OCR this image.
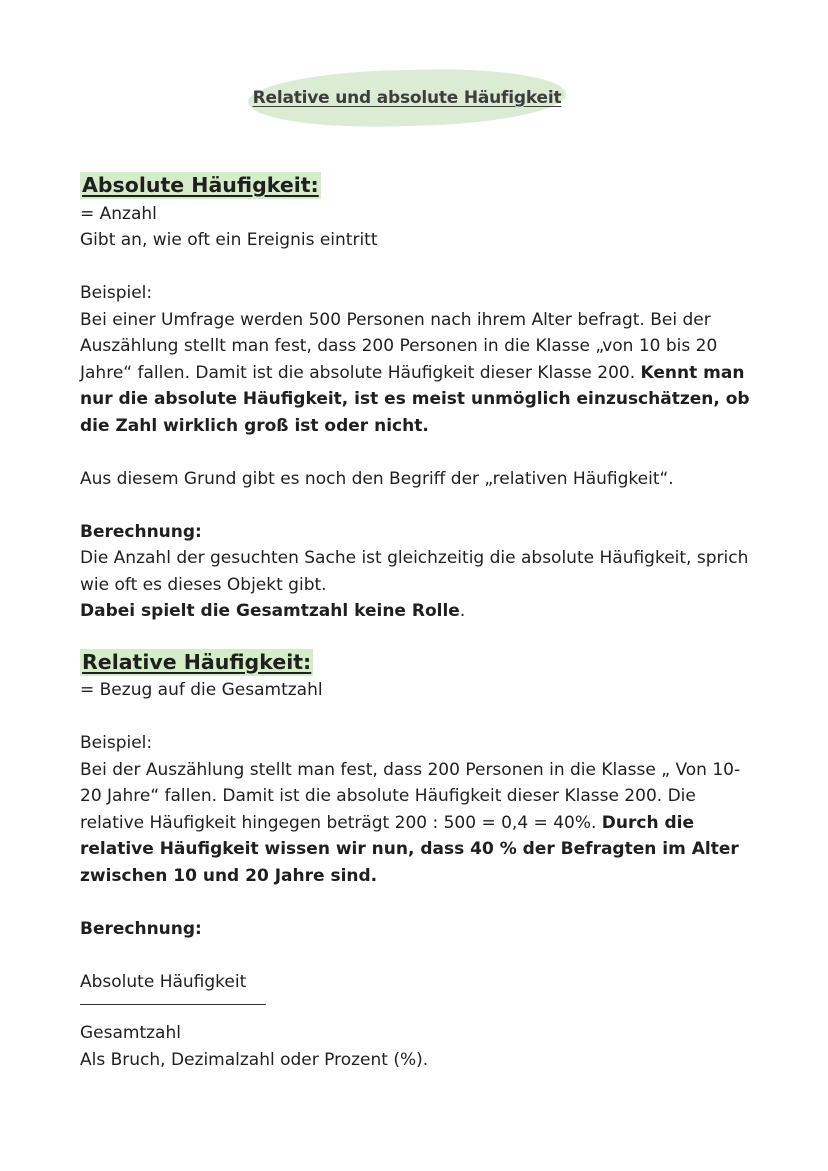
Relative und absolute Häufigkeit
Absolute Häufigkeit:

= Anzahl

Gibt an, wie oft ein Ereignis eintritt

Beispiel:

Bei einer Umfrage werden 500 Personen nach ihrem Alter befragt. Bei der Auszählung stellt man fest, dass 200 Personen in die Klasse „von 10 bis 20 Jahre“ fallen. Damit ist die absolute Häufigkeit dieser Klasse 200. Kennt man nur die absolute Häufigkeit, ist es meist unmöglich einzuschätzen, ob die Zahl wirklich groß ist oder nicht.

Aus diesem Grund gibt es noch den Begriff der „relativen Häufigkeit“.

Berechnung:

Die Anzahl der gesuchten Sache ist gleichzeitig die absolute Häufigkeit, sprich wie oft es dieses Objekt gibt.

Dabei spielt die Gesamtzahl keine Rolle.

Relative Häufigkeit:

= Bezug auf die Gesamtzahl

Beispiel:

Bei der Auszählung stellt man fest, dass 200 Personen in die Klasse „ Von 10-20 Jahre“ fallen. Damit ist die absolute Häufigkeit dieser Klasse 200. Die relative Häufigkeit hingegen beträgt 200 : 500 = 0,4 = 40%. Durch die relative Häufigkeit wissen wir nun, dass 40 % der Befragten im Alter zwischen 10 und 20 Jahre sind.

Berechnung:

Absolute Häufigkeit

Gesamtzahl

Als Bruch, Dezimalzahl oder Prozent (%).
